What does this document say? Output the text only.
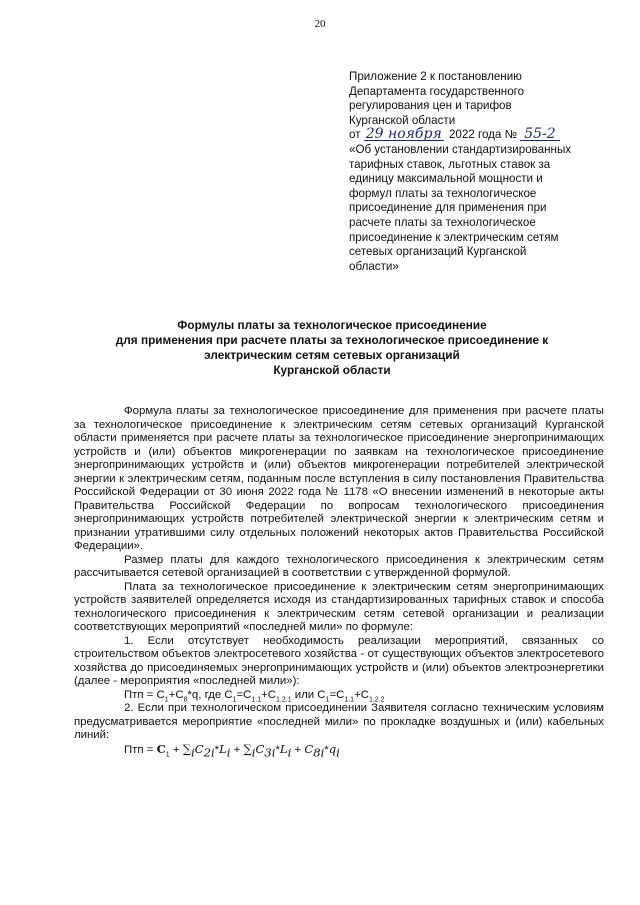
20
Приложение 2 к постановлению
Департамента государственного
регулирования цен и тарифов
Курганской области
от 29 ноября 2022 года № 55-2
«Об установлении стандартизированных
тарифных ставок, льготных ставок за
единицу максимальной мощности и
формул платы за технологическое
присоединение для применения при
расчете платы за технологическое
присоединение к электрическим сетям
сетевых организаций Курганской
области»
Формулы платы за технологическое присоединение
для применения при расчете платы за технологическое присоединение к
электрическим сетям сетевых организаций
Курганской области

Формула платы за технологическое присоединение для применения при расчете платы за технологическое присоединение к электрическим сетям сетевых организаций Курганской области применяется при расчете платы за технологическое присоединение энергопринимающих устройств и (или) объектов микрогенерации по заявкам на технологическое присоединение энергопринимающих устройств и (или) объектов микрогенерации потребителей электрической энергии к электрическим сетям, поданным после вступления в силу постановления Правительства Российской Федерации от 30 июня 2022 года № 1178 «О внесении изменений в некоторые акты Правительства Российской Федерации по вопросам технологического присоединения энергопринимающих устройств потребителей электрической энергии к электрическим сетям и признании утратившими силу отдельных положений некоторых актов Правительства Российской Федерации».

Размер платы для каждого технологического присоединения к электрическим сетям рассчитывается сетевой организацией в соответствии с утвержденной формулой.

Плата за технологическое присоединение к электрическим сетям энергопринимающих устройств заявителей определяется исходя из стандартизированных тарифных ставок и способа технологического присоединения к электрическим сетям сетевой организации и реализации соответствующих мероприятий «последней мили» по формуле:

1. Если отсутствует необходимость реализации мероприятий, связанных со строительством объектов электросетевого хозяйства - от существующих объектов электросетевого хозяйства до присоединяемых энергопринимающих устройств и (или) объектов электроэнергетики (далее - мероприятия «последней мили»):

Птп = $С_1+С_8*q$, где $С_1=С_{1.1}+С_{1.2.1}$ или $С_1=С_{1.1}+С_{1.2.2}$

2. Если при технологическом присоединении Заявителя согласно техническим условиям предусматривается мероприятие «последней мили» по прокладке воздушных и (или) кабельных линий:

Птп = $С_1 + \sum_iC_{2i}*L_i + \sum_iC_{3i}*L_i + C_{8i}*q_i$
